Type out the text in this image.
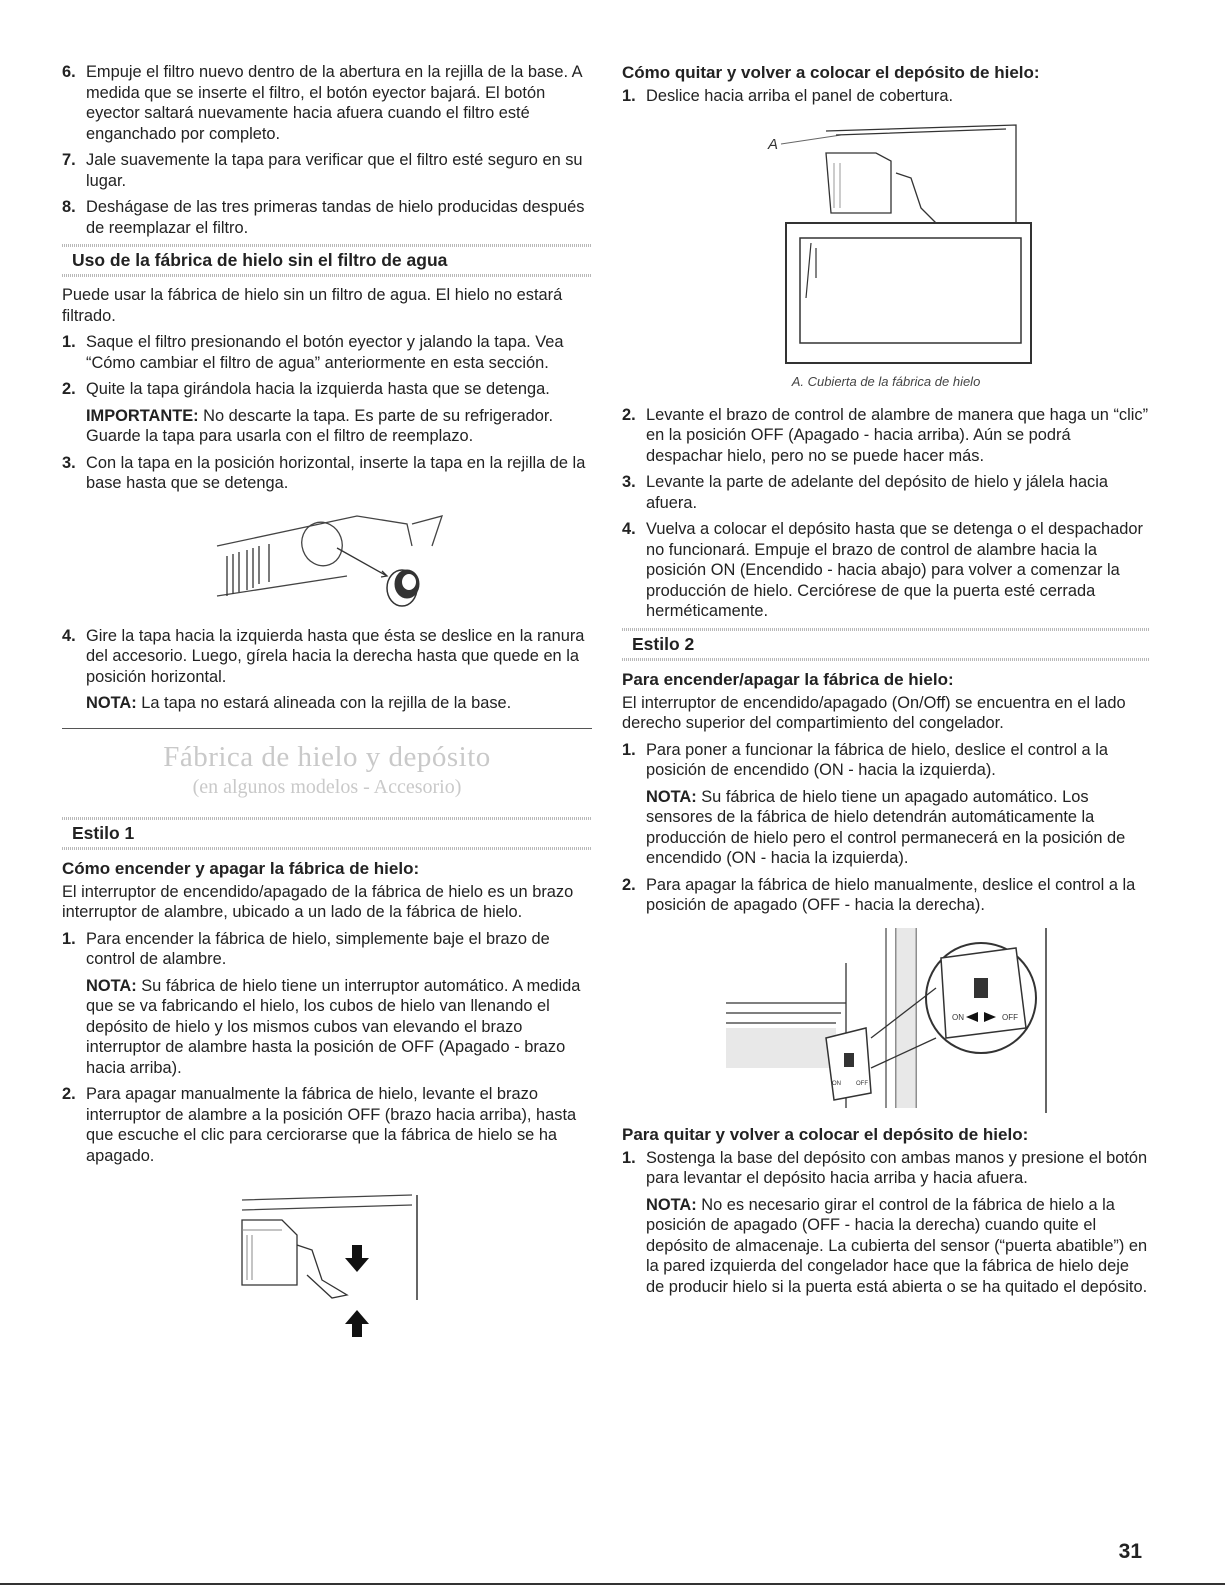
6. Empuje el filtro nuevo dentro de la abertura en la rejilla de la base. A medida que se inserte el filtro, el botón eyector bajará. El botón eyector saltará nuevamente hacia afuera cuando el filtro esté enganchado por completo.
7. Jale suavemente la tapa para verificar que el filtro esté seguro en su lugar.
8. Deshágase de las tres primeras tandas de hielo producidas después de reemplazar el filtro.
Uso de la fábrica de hielo sin el filtro de agua

Puede usar la fábrica de hielo sin un filtro de agua. El hielo no estará filtrado.

1. Saque el filtro presionando el botón eyector y jalando la tapa. Vea “Cómo cambiar el filtro de agua” anteriormente en esta sección.
2. Quite la tapa girándola hacia la izquierda hasta que se detenga.
IMPORTANTE: No descarte la tapa. Es parte de su refrigerador. Guarde la tapa para usarla con el filtro de reemplazo.
3. Con la tapa en la posición horizontal, inserte la tapa en la rejilla de la base hasta que se detenga.
4. Gire la tapa hacia la izquierda hasta que ésta se deslice en la ranura del accesorio. Luego, gírela hacia la derecha hasta que quede en la posición horizontal.
NOTA: La tapa no estará alineada con la rejilla de la base.
Fábrica de hielo y depósito
(en algunos modelos - Accesorio)
Estilo 1
Cómo encender y apagar la fábrica de hielo:

El interruptor de encendido/apagado de la fábrica de hielo es un brazo interruptor de alambre, ubicado a un lado de la fábrica de hielo.

1. Para encender la fábrica de hielo, simplemente baje el brazo de control de alambre.
NOTA: Su fábrica de hielo tiene un interruptor automático. A medida que se va fabricando el hielo, los cubos de hielo van llenando el depósito de hielo y los mismos cubos van elevando el brazo interruptor de alambre hasta la posición de OFF (Apagado - brazo hacia arriba).
2. Para apagar manualmente la fábrica de hielo, levante el brazo interruptor de alambre a la posición OFF (brazo hacia arriba), hasta que escuche el clic para cerciorarse que la fábrica de hielo se ha apagado.
Cómo quitar y volver a colocar el depósito de hielo:
1. Deslice hacia arriba el panel de cobertura.
A
A. Cubierta de la fábrica de hielo
2. Levante el brazo de control de alambre de manera que haga un “clic” en la posición OFF (Apagado - hacia arriba). Aún se podrá despachar hielo, pero no se puede hacer más.
3. Levante la parte de adelante del depósito de hielo y jálela hacia afuera.
4. Vuelva a colocar el depósito hasta que se detenga o el despachador no funcionará. Empuje el brazo de control de alambre hacia la posición ON (Encendido - hacia abajo) para volver a comenzar la producción de hielo. Cerciórese de que la puerta esté cerrada herméticamente.
Estilo 2
Para encender/apagar la fábrica de hielo:

El interruptor de encendido/apagado (On/Off) se encuentra en el lado derecho superior del compartimiento del congelador.

1. Para poner a funcionar la fábrica de hielo, deslice el control a la posición de encendido (ON - hacia la izquierda).
NOTA: Su fábrica de hielo tiene un apagado automático. Los sensores de la fábrica de hielo detendrán automáticamente la producción de hielo pero el control permanecerá en la posición de encendido (ON - hacia la izquierda).
2. Para apagar la fábrica de hielo manualmente, deslice el control a la posición de apagado (OFF - hacia la derecha).
ON	OFF
ON	OFF
Para quitar y volver a colocar el depósito de hielo:
1. Sostenga la base del depósito con ambas manos y presione el botón para levantar el depósito hacia arriba y hacia afuera.
NOTA: No es necesario girar el control de la fábrica de hielo a la posición de apagado (OFF - hacia la derecha) cuando quite el depósito de almacenaje. La cubierta del sensor (“puerta abatible”) en la pared izquierda del congelador hace que la fábrica de hielo deje de producir hielo si la puerta está abierta o se ha quitado el depósito.
31
